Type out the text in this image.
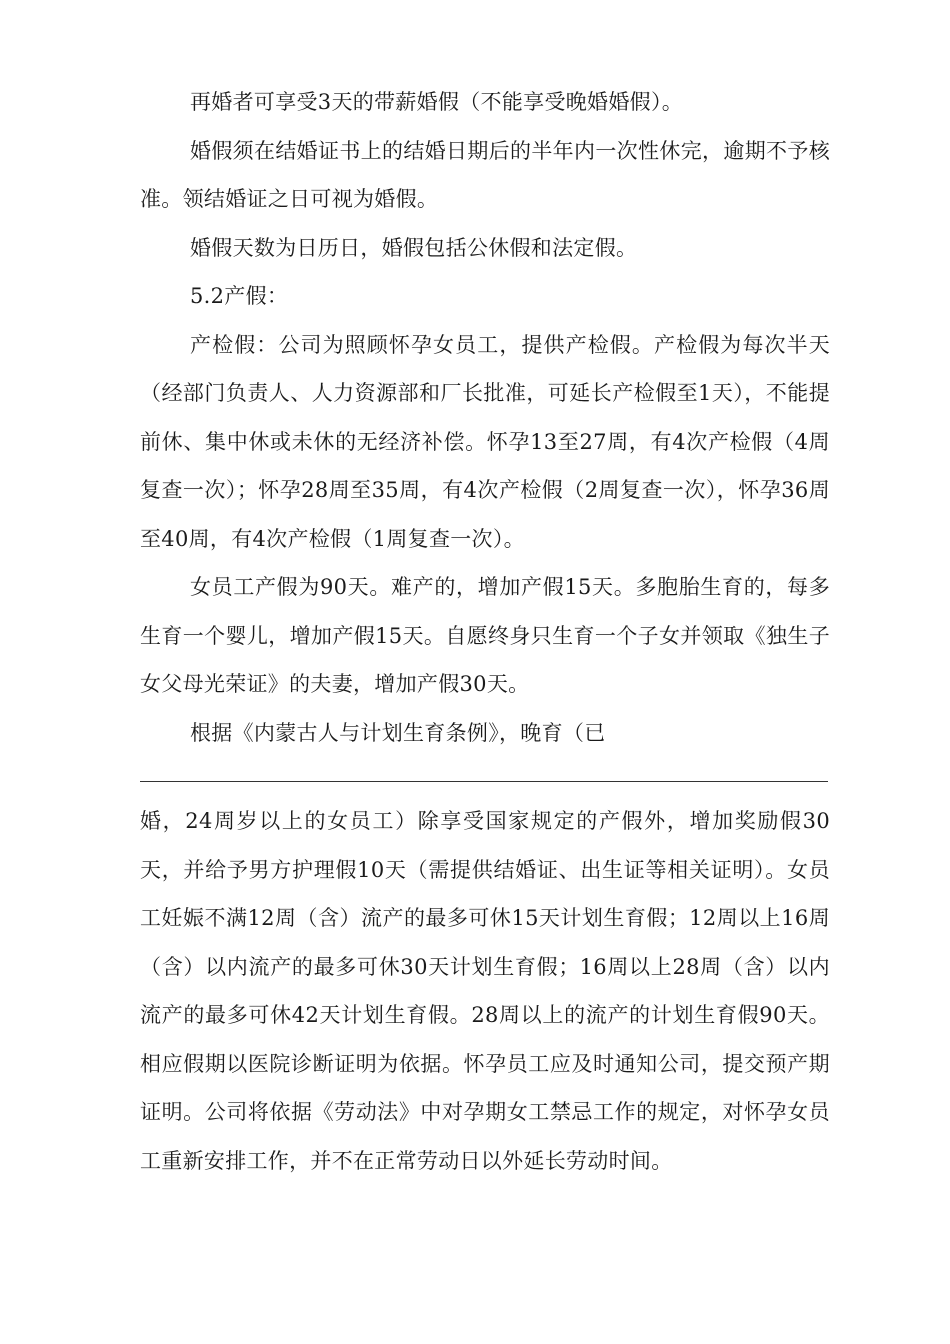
再婚者可享受3天的带薪婚假（不能享受晚婚婚假）。

婚假须在结婚证书上的结婚日期后的半年内一次性休完，逾期不予核准。领结婚证之日可视为婚假。

婚假天数为日历日，婚假包括公休假和法定假。

5.2产假：

产检假：公司为照顾怀孕女员工，提供产检假。产检假为每次半天（经部门负责人、人力资源部和厂长批准，可延长产检假至1天），不能提前休、集中休或未休的无经济补偿。怀孕13至27周，有4次产检假（4周复查一次）；怀孕28周至35周，有4次产检假（2周复查一次），怀孕36周至40周，有4次产检假（1周复查一次）。

女员工产假为90天。难产的，增加产假15天。多胞胎生育的，每多生育一个婴儿，增加产假15天。自愿终身只生育一个子女并领取《独生子女父母光荣证》的夫妻，增加产假30天。

根据《内蒙古人与计划生育条例》，晚育（已

婚，24周岁以上的女员工）除享受国家规定的产假外，增加奖励假30天，并给予男方护理假10天（需提供结婚证、出生证等相关证明）。女员工妊娠不满12周（含）流产的最多可休15天计划生育假；12周以上16周（含）以内流产的最多可休30天计划生育假；16周以上28周（含）以内流产的最多可休42天计划生育假。28周以上的流产的计划生育假90天。相应假期以医院诊断证明为依据。怀孕员工应及时通知公司，提交预产期证明。公司将依据《劳动法》中对孕期女工禁忌工作的规定，对怀孕女员工重新安排工作，并不在正常劳动日以外延长劳动时间。
